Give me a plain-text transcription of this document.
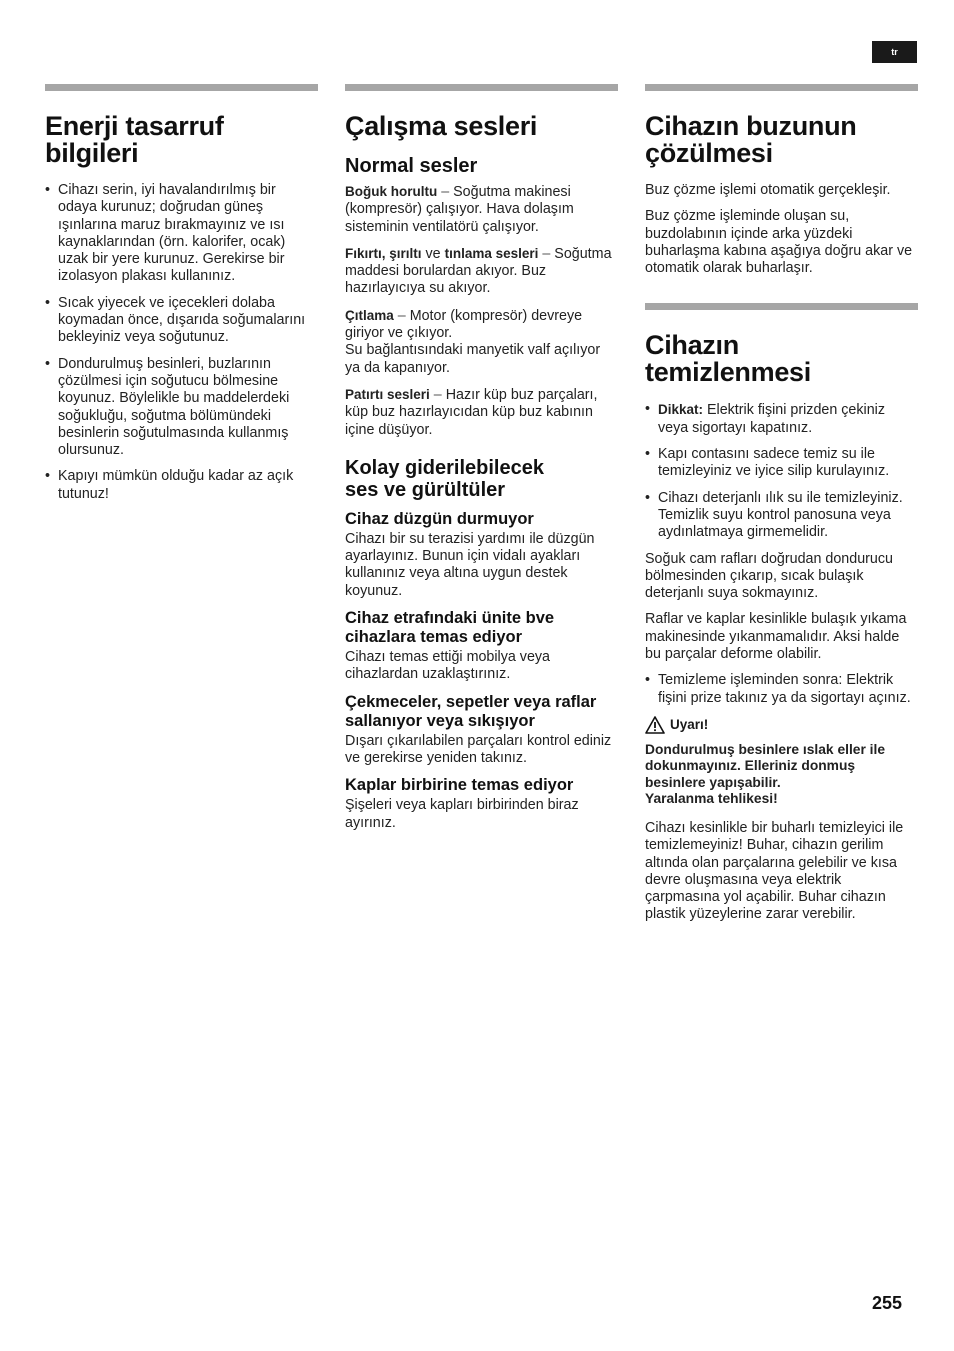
tr
Enerji tasarruf
bilgileri
• Cihazı serin, iyi havalandırılmış bir odaya kurunuz; doğrudan güneş ışınlarına maruz bırakmayınız ve ısı kaynaklarından (örn. kalorifer, ocak) uzak bir yere kurunuz. Gerekirse bir izolasyon plakası kullanınız.
• Sıcak yiyecek ve içecekleri dolaba koymadan önce, dışarıda soğumalarını bekleyiniz veya soğutunuz.
• Dondurulmuş besinleri, buzlarının çözülmesi için soğutucu bölmesine koyunuz. Böylelikle bu maddelerdeki soğukluğu, soğutma bölümündeki besinlerin soğutulmasında kullanmış olursunuz.
• Kapıyı mümkün olduğu kadar az açık tutunuz!
Çalışma sesleri
Normal sesler

Boğuk horultu – Soğutma makinesi (kompresör) çalışıyor. Hava dolaşım sisteminin ventilatörü çalışıyor.

Fıkırtı, şırıltı ve tınlama sesleri – Soğutma maddesi borulardan akıyor. Buz hazırlayıcıya su akıyor.

Çıtlama – Motor (kompresör) devreye giriyor ve çıkıyor.
Su bağlantısındaki manyetik valf açılıyor ya da kapanıyor.

Patırtı sesleri – Hazır küp buz parçaları, küp buz hazırlayıcıdan küp buz kabının içine düşüyor.

Kolay giderilebilecek
ses ve gürültüler
Cihaz düzgün durmuyor

Cihazı bir su terazisi yardımı ile düzgün ayarlayınız. Bunun için vidalı ayakları kullanınız veya altına uygun destek koyunuz.

Cihaz etrafındaki ünite bve cihazlara temas ediyor

Cihazı temas ettiği mobilya veya cihazlardan uzaklaştırınız.

Çekmeceler, sepetler veya raflar sallanıyor veya sıkışıyor

Dışarı çıkarılabilen parçaları kontrol ediniz ve gerekirse yeniden takınız.

Kaplar birbirine temas ediyor

Şişeleri veya kapları birbirinden biraz ayırınız.

Cihazın buzunun
çözülmesi

Buz çözme işlemi otomatik gerçekleşir.

Buz çözme işleminde oluşan su, buzdolabının içinde arka yüzdeki buharlaşma kabına aşağıya doğru akar ve otomatik olarak buharlaşır.

Cihazın
temizlenmesi
• Dikkat: Elektrik fişini prizden çekiniz veya sigortayı kapatınız.
• Kapı contasını sadece temiz su ile temizleyiniz ve iyice silip kurulayınız.
• Cihazı deterjanlı ılık su ile temizleyiniz. Temizlik suyu kontrol panosuna veya aydınlatmaya girmemelidir.

Soğuk cam rafları doğrudan dondurucu bölmesinden çıkarıp, sıcak bulaşık deterjanlı suya sokmayınız.

Raflar ve kaplar kesinlikle bulaşık yıkama makinesinde yıkanmamalıdır. Aksi halde bu parçalar deforme olabilir.

• Temizleme işleminden sonra: Elektrik fişini prize takınız ya da sigortayı açınız.
Uyarı!

Dondurulmuş besinlere ıslak eller ile dokunmayınız. Elleriniz donmuş besinlere yapışabilir.

Yaralanma tehlikesi!

Cihazı kesinlikle bir buharlı temizleyici ile temizlemeyiniz! Buhar, cihazın gerilim altında olan parçalarına gelebilir ve kısa devre oluşmasına veya elektrik çarpmasına yol açabilir. Buhar cihazın plastik yüzeylerine zarar verebilir.

255
